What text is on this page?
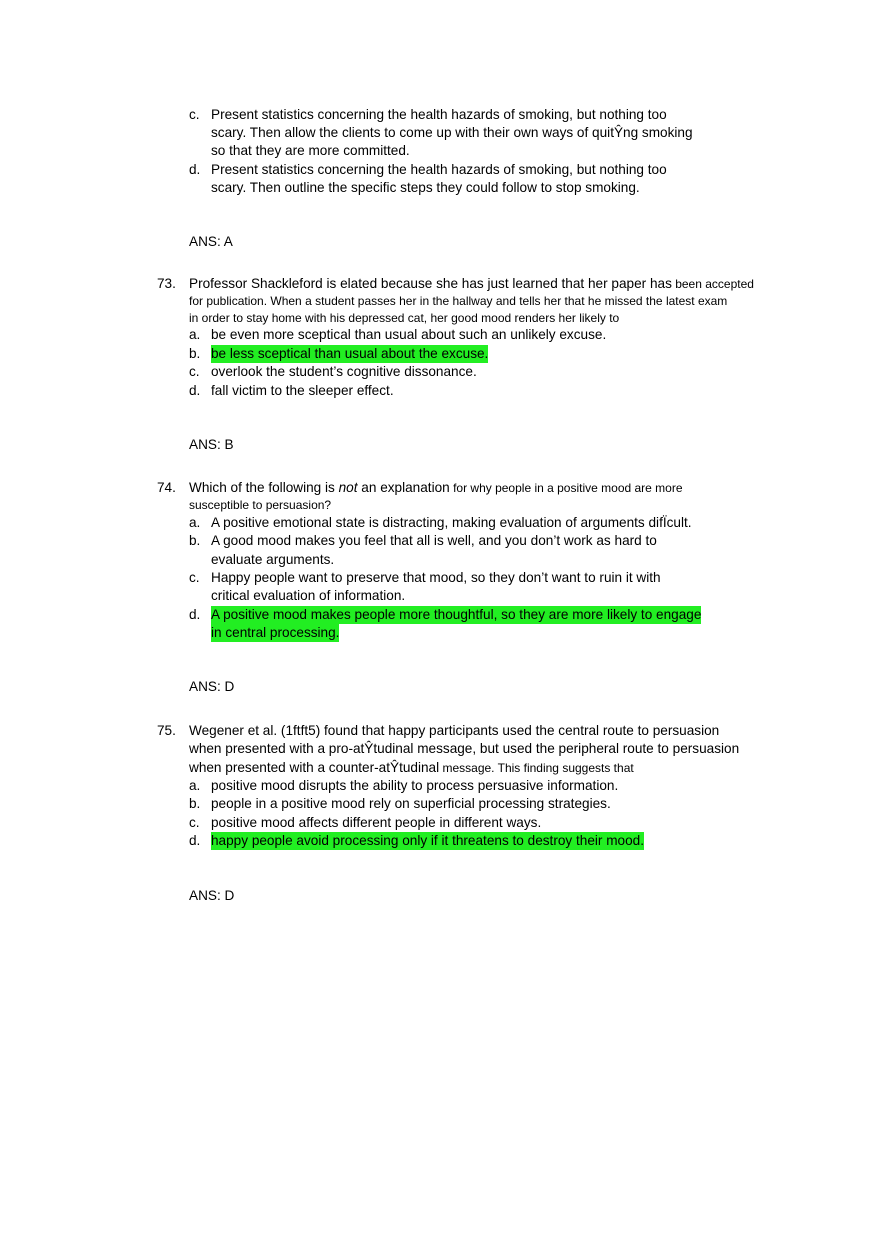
c. Present statistics concerning the health hazards of smoking, but nothing too
scary. Then allow the clients to come up with their own ways of quitŶng smoking
so that they are more committed.
d. Present statistics concerning the health hazards of smoking, but nothing too
scary. Then outline the specific steps they could follow to stop smoking.
ANS: A
73. Professor Shackleford is elated because she has just learned that her paper has been accepted
for publication. When a student passes her in the hallway and tells her that he missed the latest exam
in order to stay home with his depressed cat, her good mood renders her likely to
a. be even more sceptical than usual about such an unlikely excuse.
b. be less sceptical than usual about the excuse.
c. overlook the student’s cognitive dissonance.
d. fall victim to the sleeper effect.
ANS: B
74. Which of the following is not an explanation for why people in a positive mood are more
susceptible to persuasion?
a. A positive emotional state is distracting, making evaluation of arguments difÏcult.
b. A good mood makes you feel that all is well, and you don’t work as hard to
evaluate arguments.
c. Happy people want to preserve that mood, so they don’t want to ruin it with
critical evaluation of information.
d. A positive mood makes people more thoughtful, so they are more likely to engage
in central processing.
ANS: D
75. Wegener et al. (1ftft5) found that happy participants used the central route to persuasion
when presented with a pro-atŶtudinal message, but used the peripheral route to persuasion
when presented with a counter-atŶtudinal message. This finding suggests that
a. positive mood disrupts the ability to process persuasive information.
b. people in a positive mood rely on superficial processing strategies.
c. positive mood affects different people in different ways.
d. happy people avoid processing only if it threatens to destroy their mood.
ANS: D
